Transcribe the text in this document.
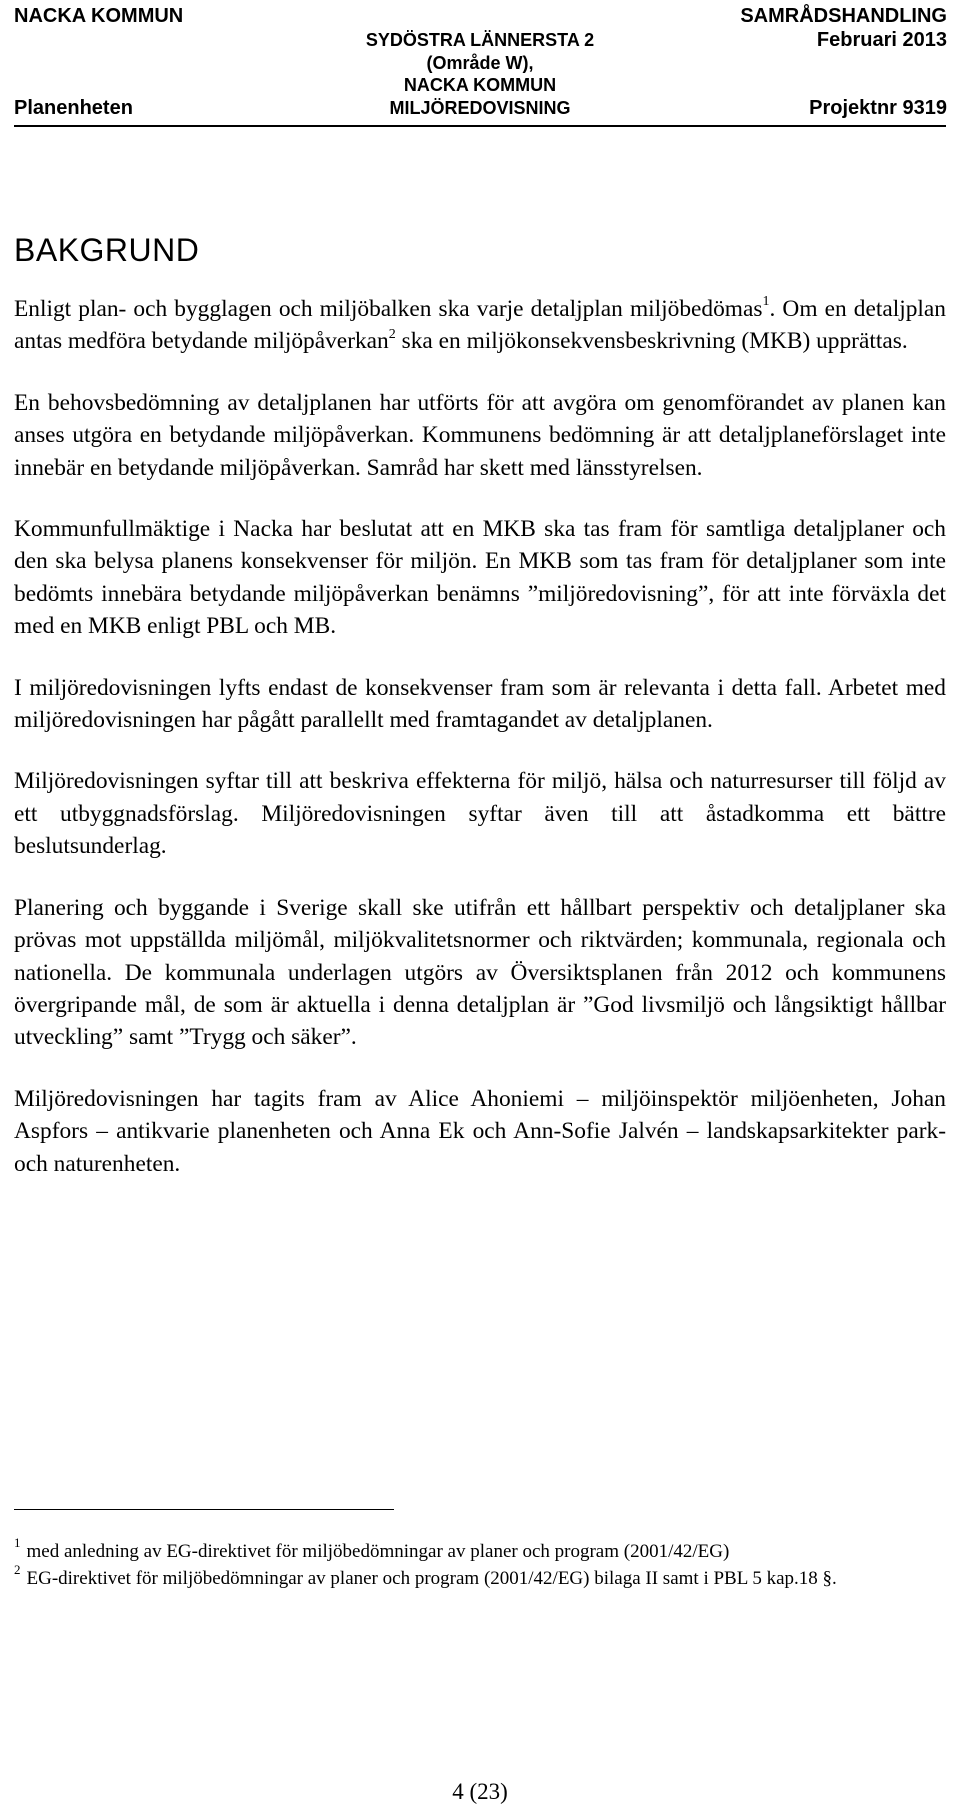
NACKA KOMMUN
SYDÖSTRA LÄNNERSTA 2
(Område W),
NACKA KOMMUN
MILJÖREDOVISNING
SAMRÅDSHANDLING
Februari 2013
Planenheten	Projektnr 9319
BAKGRUND

Enligt plan- och bygglagen och miljöbalken ska varje detaljplan miljöbedömas$^1$. Om en detaljplan antas medföra betydande miljöpåverkan$^2$ ska en miljökonsekvensbeskrivning (MKB) upprättas.

En behovsbedömning av detaljplanen har utförts för att avgöra om genomförandet av planen kan anses utgöra en betydande miljöpåverkan. Kommunens bedömning är att detaljplaneförslaget inte innebär en betydande miljöpåverkan. Samråd har skett med länsstyrelsen.

Kommunfullmäktige i Nacka har beslutat att en MKB ska tas fram för samtliga detaljplaner och den ska belysa planens konsekvenser för miljön. En MKB som tas fram för detaljplaner som inte bedömts innebära betydande miljöpåverkan benämns ”miljöredovisning”, för att inte förväxla det med en MKB enligt PBL och MB.

I miljöredovisningen lyfts endast de konsekvenser fram som är relevanta i detta fall. Arbetet med miljöredovisningen har pågått parallellt med framtagandet av detaljplanen.

Miljöredovisningen syftar till att beskriva effekterna för miljö, hälsa och naturresurser till följd av ett utbyggnadsförslag. Miljöredovisningen syftar även till att åstadkomma ett bättre beslutsunderlag.

Planering och byggande i Sverige skall ske utifrån ett hållbart perspektiv och detaljplaner ska prövas mot uppställda miljömål, miljökvalitetsnormer och riktvärden; kommunala, regionala och nationella. De kommunala underlagen utgörs av Översiktsplanen från 2012 och kommunens övergripande mål, de som är aktuella i denna detaljplan är ”God livsmiljö och långsiktigt hållbar utveckling” samt ”Trygg och säker”.

Miljöredovisningen har tagits fram av Alice Ahoniemi – miljöinspektör miljöenheten, Johan Aspfors – antikvarie planenheten och Anna Ek och Ann-Sofie Jalvén – landskapsarkitekter park- och naturenheten.

$^1$ med anledning av EG-direktivet för miljöbedömningar av planer och program (2001/42/EG)

$^2$ EG-direktivet för miljöbedömningar av planer och program (2001/42/EG) bilaga II samt i PBL 5 kap.18 §.

4 (23)
